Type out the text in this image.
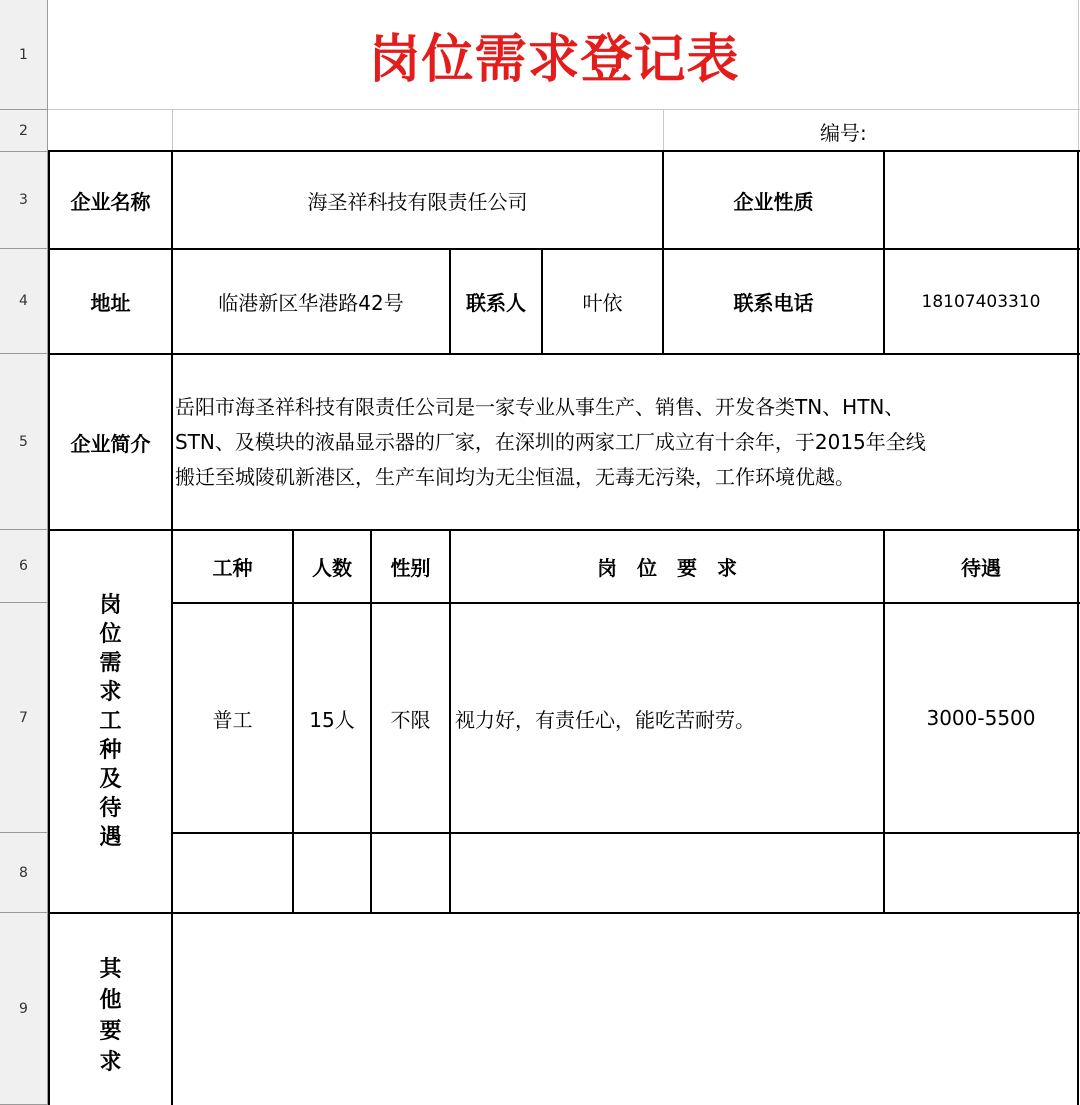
1
2
3
4
5
6
7
8
9
岗位需求登记表
编号:
企业名称	海圣祥科技有限责任公司	企业性质
地址	临港新区华港路42号	联系人	叶依	联系电话	18107403310
企业简介
岳阳市海圣祥科技有限责任公司是一家专业从事生产、销售、开发各类TN、HTN、
STN、及模块的液晶显示器的厂家，在深圳的两家工厂成立有十余年，于2015年全线
搬迁至城陵矶新港区，生产车间均为无尘恒温，无毒无污染，工作环境优越。
岗
位
需
求
工
种
及
待
遇
工种	人数	性别	岗　位　要　求	待遇
普工	15人	不限	视力好，有责任心，能吃苦耐劳。	3000-5500
其
他
要
求
